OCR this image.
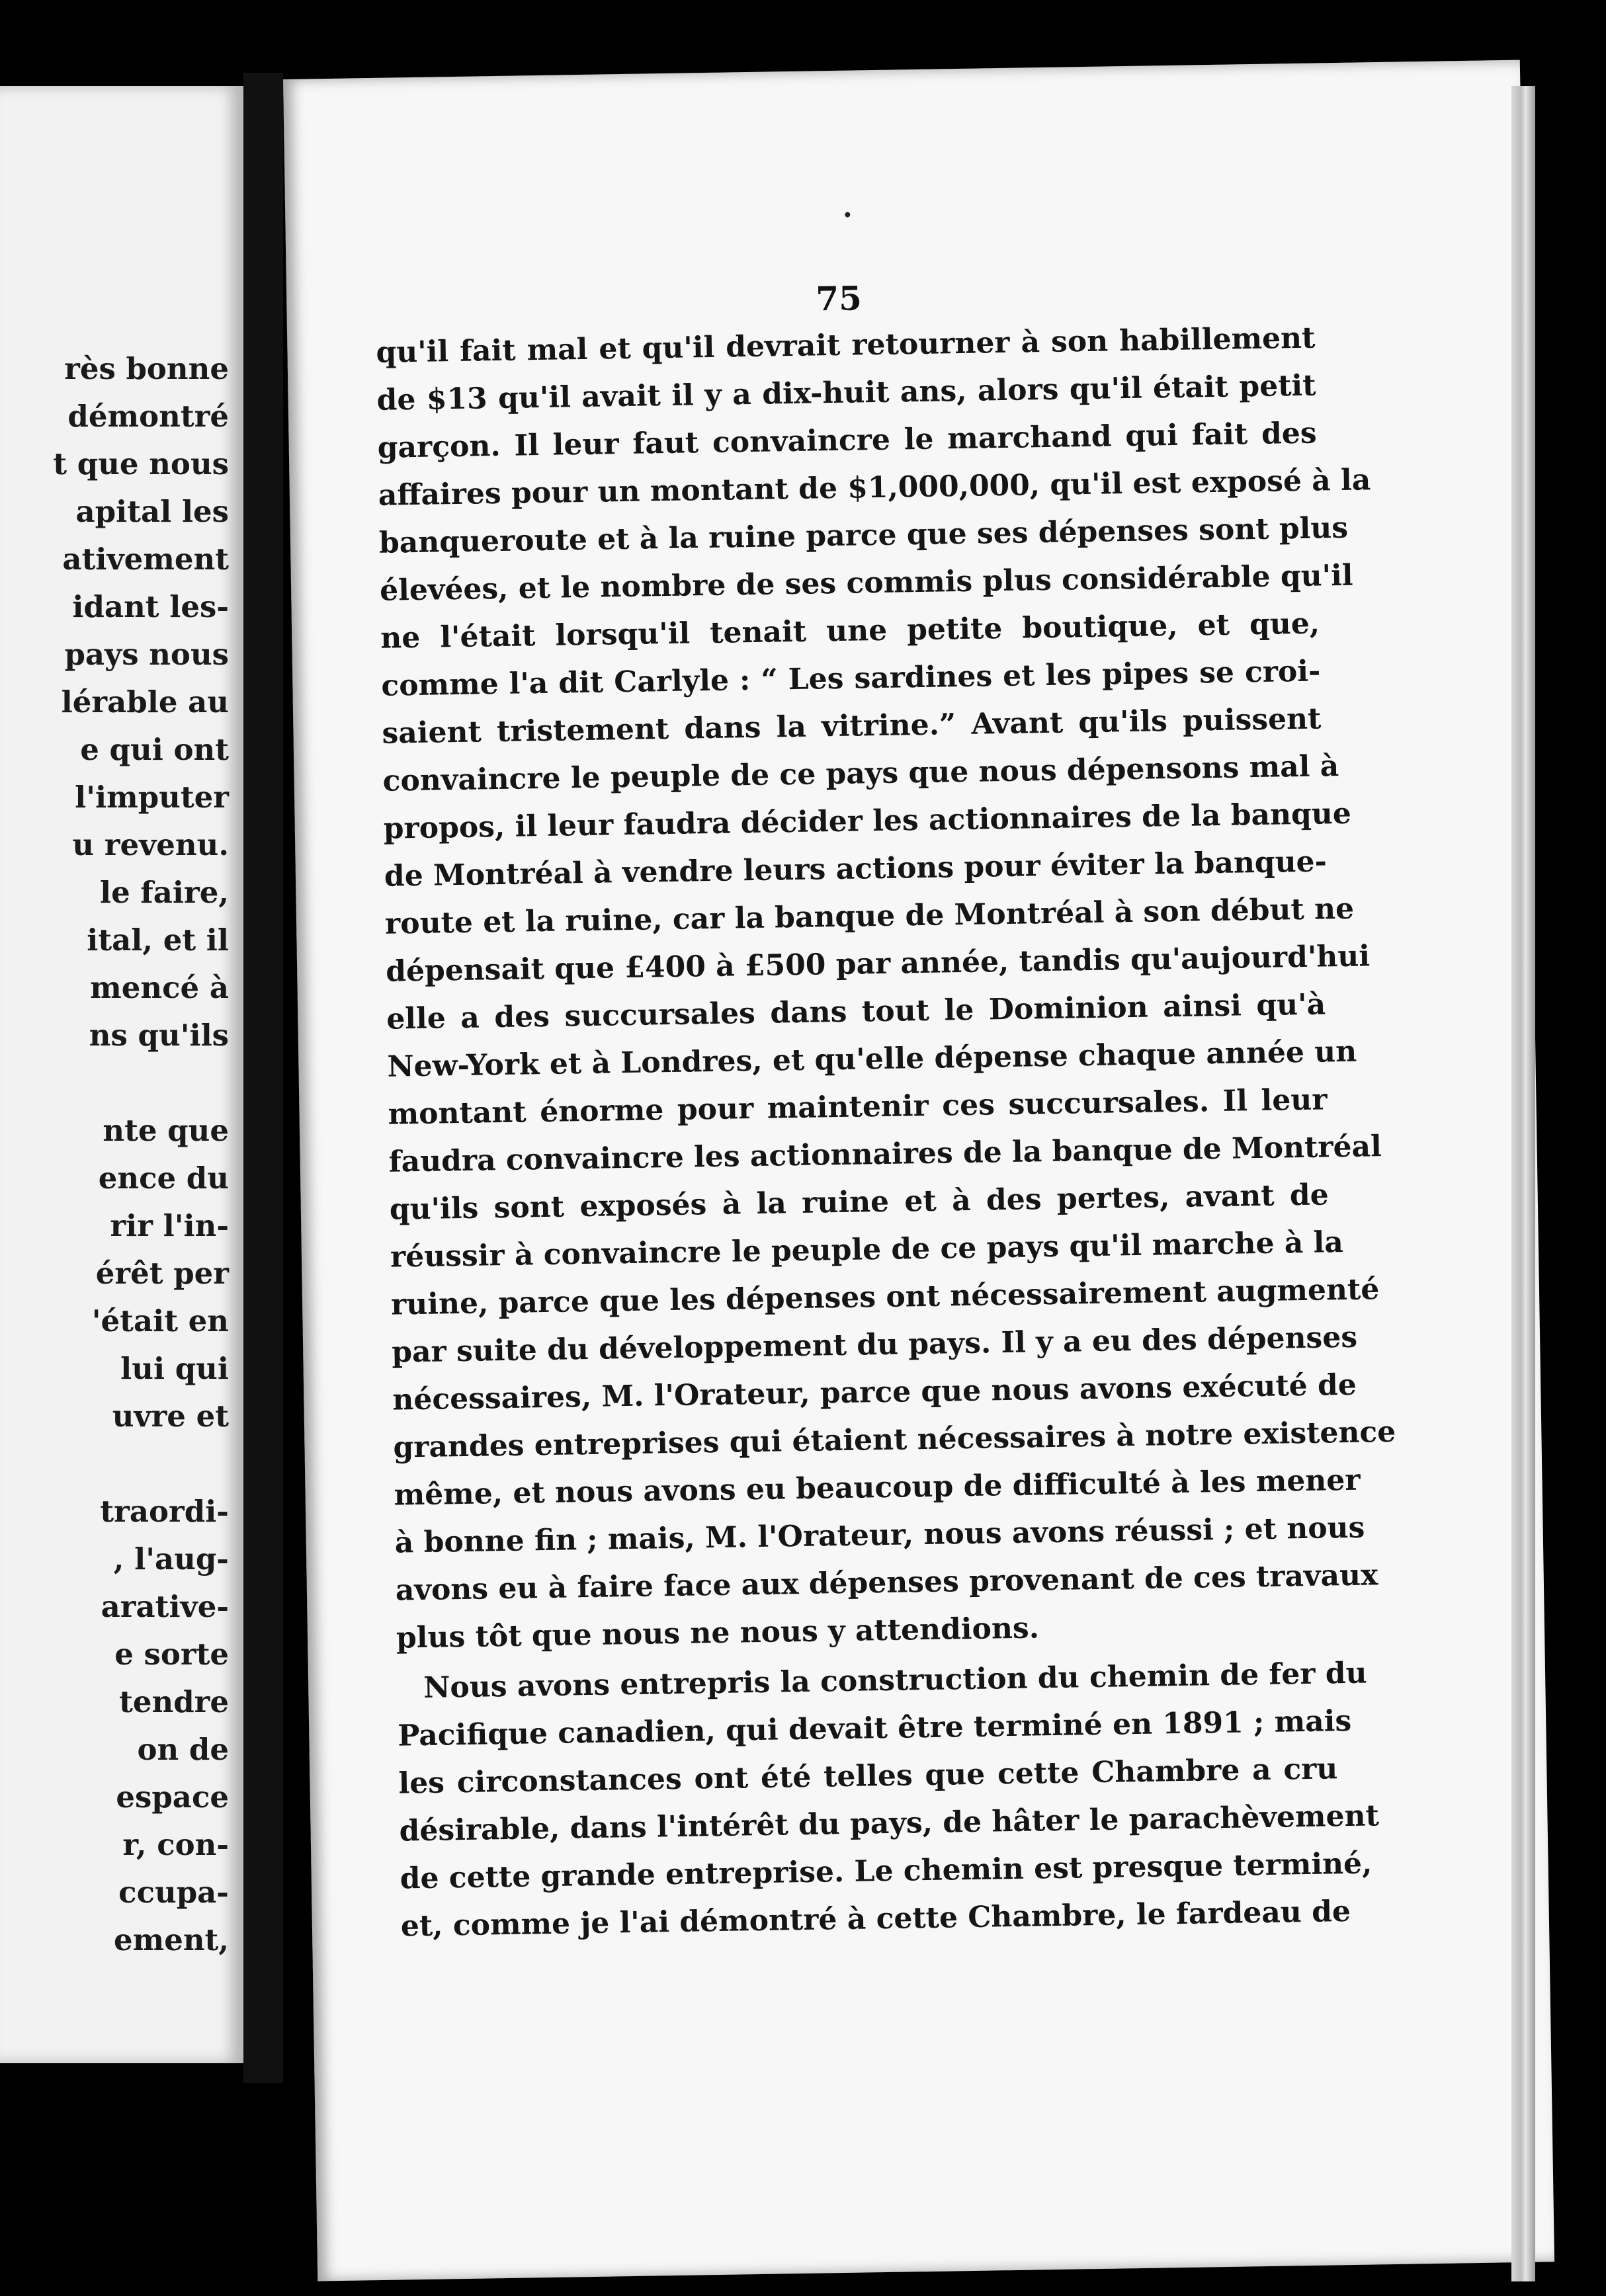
rès bonne
démontré
t que nous
apital les
ativement
idant les-
pays nous
lérable au
e qui ont
l'imputer
u revenu.
le faire,
ital, et il
mencé à
ns qu'ils
nte que
ence du
rir l'in-
érêt per
'était en
lui qui
uvre et
traordi-
, l'aug-
arative-
e sorte
tendre
on de
espace
r, con-
ccupa-
ement,
75
qu'il fait mal et qu'il devrait retourner à son habillement
de $13 qu'il avait il y a dix-huit ans, alors qu'il était petit
garçon. Il leur faut convaincre le marchand qui fait des
affaires pour un montant de $1,000,000, qu'il est exposé à la
banqueroute et à la ruine parce que ses dépenses sont plus
élevées, et le nombre de ses commis plus considérable qu'il
ne l'était lorsqu'il tenait une petite boutique, et que,
comme l'a dit Carlyle : “ Les sardines et les pipes se croi-
saient tristement dans la vitrine.” Avant qu'ils puissent
convaincre le peuple de ce pays que nous dépensons mal à
propos, il leur faudra décider les actionnaires de la banque
de Montréal à vendre leurs actions pour éviter la banque-
route et la ruine, car la banque de Montréal à son début ne
dépensait que £400 à £500 par année, tandis qu'aujourd'hui
elle a des succursales dans tout le Dominion ainsi qu'à
New-York et à Londres, et qu'elle dépense chaque année un
montant énorme pour maintenir ces succursales. Il leur
faudra convaincre les actionnaires de la banque de Montréal
qu'ils sont exposés à la ruine et à des pertes, avant de
réussir à convaincre le peuple de ce pays qu'il marche à la
ruine, parce que les dépenses ont nécessairement augmenté
par suite du développement du pays. Il y a eu des dépenses
nécessaires, M. l'Orateur, parce que nous avons exécuté de
grandes entreprises qui étaient nécessaires à notre existence
même, et nous avons eu beaucoup de difficulté à les mener
à bonne fin ; mais, M. l'Orateur, nous avons réussi ; et nous
avons eu à faire face aux dépenses provenant de ces travaux
plus tôt que nous ne nous y attendions.
Nous avons entrepris la construction du chemin de fer du
Pacifique canadien, qui devait être terminé en 1891 ; mais
les circonstances ont été telles que cette Chambre a cru
désirable, dans l'intérêt du pays, de hâter le parachèvement
de cette grande entreprise. Le chemin est presque terminé,
et, comme je l'ai démontré à cette Chambre, le fardeau de
